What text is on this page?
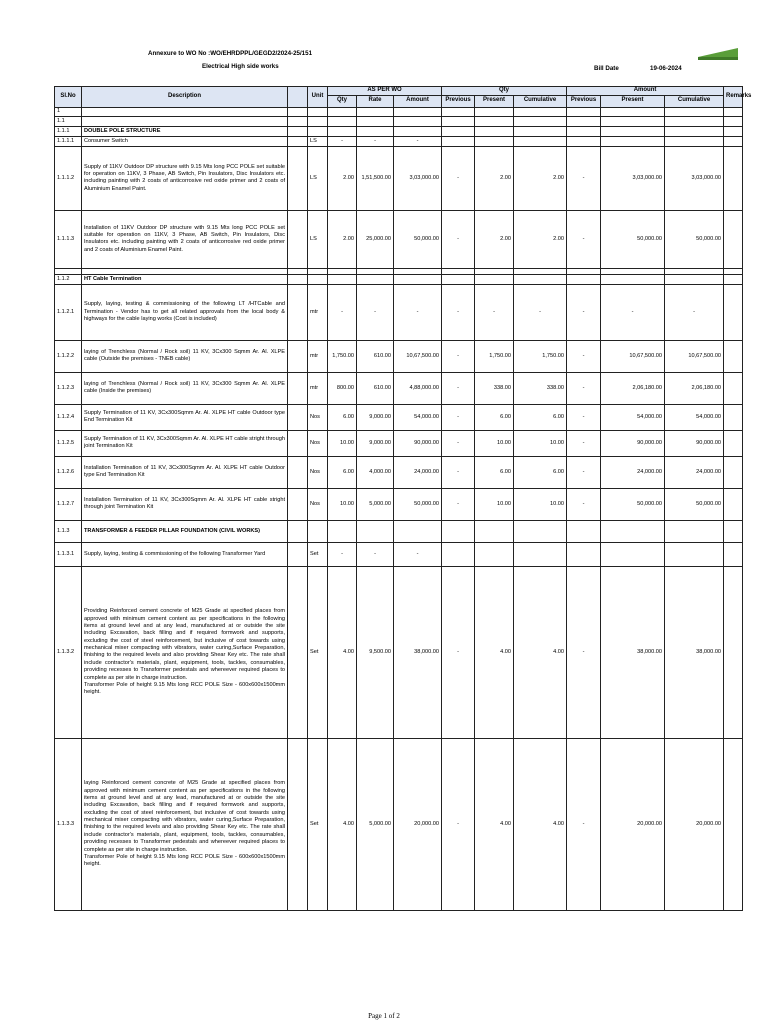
Annexure to WO No :WO/EHRDPPL/GEGD2/2024-25/151
Electrical High side works	Bill Date	19-06-2024
Sl.No	Description		Unit	AS PER WO			Qty			Amount			Remarks
				Qty	Rate	Amount	Previous	Present	Cumulative	Previous	Present	Cumulative	
1													
1.1													
1.1.1	DOUBLE POLE STRUCTURE												
1.1.1.1	Consumer Switch		LS	-	-	-							
1.1.1.2	Supply of 11KV Outdoor DP structure with 9.15 Mts long PCC POLE set suitable for operation on 11KV, 3 Phase, AB Switch, Pin Insulators, Disc Insulators etc. including painting with 2 coats of anticorrosive red oxide primer and 2 coats of Aluminium Enamel Paint.		LS	2.00	1,51,500.00	3,03,000.00	-	2.00	2.00	-	3,03,000.00	3,03,000.00	
1.1.1.3	Installation of 11KV Outdoor DP structure with 9.15 Mts long PCC POLE set suitable for operation on 11KV, 3 Phase, AB Switch, Pin Insulators, Disc Insulators etc. including painting with 2 coats of anticorrosive red oxide primer and 2 coats of Aluminium Enamel Paint.		LS	2.00	25,000.00	50,000.00	-	2.00	2.00	-	50,000.00	50,000.00	

1.1.2	HT Cable Termination												
1.1.2.1	Supply, laying, testing & commissioning of the following LT /HTCable and Termination - Vendor has to get all related approvals from the local body & highways for the cable laying works (Cost is included)		mtr	-	-	-	-	-	-	-	-	-	
1.1.2.2	laying of Trenchless (Normal / Rock soil) 11 KV, 3Cx300 Sqmm Ar. Al. XLPE cable (Outside the premises - TNEB cable)		mtr	1,750.00	610.00	10,67,500.00	-	1,750.00	1,750.00	-	10,67,500.00	10,67,500.00	
1.1.2.3	laying of Trenchless (Normal / Rock soil) 11 KV, 3Cx300 Sqmm Ar. Al. XLPE cable (Inside the premises)		mtr	800.00	610.00	4,88,000.00	-	338.00	338.00	-	2,06,180.00	2,06,180.00	
1.1.2.4	Supply Termination of 11 KV, 3Cx300Sqmm Ar. Al. XLPE HT cable Outdoor type End Termination Kit		Nos	6.00	9,000.00	54,000.00	-	6.00	6.00	-	54,000.00	54,000.00	
1.1.2.5	Supply Termination of 11 KV, 3Cx300Sqmm Ar. Al. XLPE HT cable stright through joint Termination Kit		Nos	10.00	9,000.00	90,000.00	-	10.00	10.00	-	90,000.00	90,000.00	
1.1.2.6	Installation Termination of 11 KV, 3Cx300Sqmm Ar. Al. XLPE HT cable Outdoor type End Termination Kit		Nos	6.00	4,000.00	24,000.00	-	6.00	6.00	-	24,000.00	24,000.00	
1.1.2.7	Installation Termination of 11 KV, 3Cx300Sqmm Ar. Al. XLPE HT cable stright through joint Termination Kit		Nos	10.00	5,000.00	50,000.00	-	10.00	10.00	-	50,000.00	50,000.00	
1.1.3	TRANSFORMER & FEEDER PILLAR FOUNDATION (CIVIL WORKS)												
1.1.3.1	Supply, laying, testing & commissioning of the following Transformer Yard		Set	-	-	-							
1.1.3.2	Providing Reinforced cement concrete of M25 Grade at specified places from approved with minimum cement content as per specifications in the following items at ground level and at any lead, manufactured at or outside the site including Excavation, back filling and if required formwork and supports, excluding the cost of steel reinforcement, but inclusive of cost towards using mechanical mixer compacting with vibrators, water curing,Surface Preparation, finishing to the required levels and also providing Shear Key etc. The rate shall include contractor's materials, plant, equipment, tools, tackles, consumables, providing recesses to Transformer pedestals and whereever required places to complete as per site in charge instruction.
Transformer Pole of height 9.15 Mts long RCC POLE Size - 600x600x1500mm height.		Set	4.00	9,500.00	38,000.00	-	4.00	4.00	-	38,000.00	38,000.00	
1.1.3.3	laying Reinforced cement concrete of M25 Grade at specified places from approved with minimum cement content as per specifications in the following items at ground level and at any lead, manufactured at or outside the site including Excavation, back filling and if required formwork and supports, excluding the cost of steel reinforcement, but inclusive of cost towards using mechanical mixer compacting with vibrators, water curing,Surface Preparation, finishing to the required levels and also providing Shear Key etc. The rate shall include contractor's materials, plant, equipment, tools, tackles, consumables, providing recesses to Transformer pedestals and whereever required places to complete as per site in charge instruction.
Transformer Pole of height 9.15 Mts long RCC POLE Size - 600x600x1500mm height.		Set	4.00	5,000.00	20,000.00	-	4.00	4.00	-	20,000.00	20,000.00	
Page 1 of 2
